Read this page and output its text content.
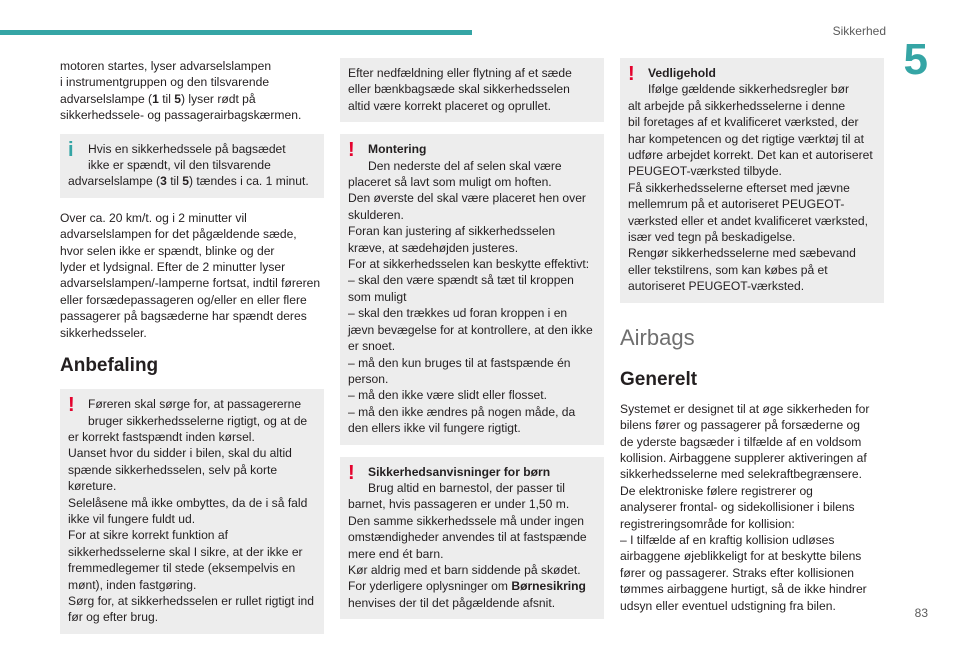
Sikkerhed
5
83

motoren startes, lyser advarselslampen
i instrumentgruppen og den tilsvarende
advarselslampe (1 til 5) lyser rødt på
sikkerhedssele- og passagerairbagskærmen.

i	Hvis en sikkerhedssele på bagsædet
ikke er spændt, vil den tilsvarende
advarselslampe (3 til 5) tændes i ca. 1 minut.

Over ca. 20 km/t. og i 2 minutter vil
advarselslampen for det pågældende sæde,
hvor selen ikke er spændt, blinke og der
lyder et lydsignal. Efter de 2 minutter lyser
advarselslampen/-lamperne fortsat, indtil føreren
eller forsædepassageren og/eller en eller flere
passagerer på bagsæderne har spændt deres
sikkerhedsseler.

Anbefaling
!	Føreren skal sørge for, at passagererne
bruger sikkerhedsselerne rigtigt, og at de
er korrekt fastspændt inden kørsel.
Uanset hvor du sidder i bilen, skal du altid
spænde sikkerhedsselen, selv på korte
køreture.
Selelåsene må ikke ombyttes, da de i så fald
ikke vil fungere fuldt ud.
For at sikre korrekt funktion af
sikkerhedsselerne skal I sikre, at der ikke er
fremmedlegemer til stede (eksempelvis en
mønt), inden fastgøring.
Sørg for, at sikkerhedsselen er rullet rigtigt ind
før og efter brug.
Efter nedfældning eller flytning af et sæde
eller bænkbagsæde skal sikkerhedsselen
altid være korrekt placeret og oprullet.
!	Montering
Den nederste del af selen skal være
placeret så lavt som muligt om hoften.
Den øverste del skal være placeret hen over
skulderen.
Foran kan justering af sikkerhedsselen
kræve, at sædehøjden justeres.
For at sikkerhedsselen kan beskytte effektivt:
– skal den være spændt så tæt til kroppen
som muligt
– skal den trækkes ud foran kroppen i en
jævn bevægelse for at kontrollere, at den ikke
er snoet.
– må den kun bruges til at fastspænde én
person.
– må den ikke være slidt eller flosset.
– må den ikke ændres på nogen måde, da
den ellers ikke vil fungere rigtigt.
!	Sikkerhedsanvisninger for børn
Brug altid en barnestol, der passer til
barnet, hvis passageren er under 1,50 m.
Den samme sikkerhedssele må under ingen
omstændigheder anvendes til at fastspænde
mere end ét barn.
Kør aldrig med et barn siddende på skødet.
For yderligere oplysninger om Børnesikring
henvises der til det pågældende afsnit.
!	Vedligehold
Ifølge gældende sikkerhedsregler bør
alt arbejde på sikkerhedsselerne i denne
bil foretages af et kvalificeret værksted, der
har kompetencen og det rigtige værktøj til at
udføre arbejdet korrekt. Det kan et autoriseret
PEUGEOT-værksted tilbyde.
Få sikkerhedsselerne efterset med jævne
mellemrum på et autoriseret PEUGEOT-
værksted eller et andet kvalificeret værksted,
især ved tegn på beskadigelse.
Rengør sikkerhedsselerne med sæbevand
eller tekstilrens, som kan købes på et
autoriseret PEUGEOT-værksted.
Airbags
Generelt

Systemet er designet til at øge sikkerheden for
bilens fører og passagerer på forsæderne og
de yderste bagsæder i tilfælde af en voldsom
kollision. Airbaggene supplerer aktiveringen af
sikkerhedsselerne med selekraftbegrænsere.
De elektroniske følere registrerer og
analyserer frontal- og sidekollisioner i bilens
registreringsområde for kollision:
– I tilfælde af en kraftig kollision udløses
airbaggene øjeblikkeligt for at beskytte bilens
fører og passagerer. Straks efter kollisionen
tømmes airbaggene hurtigt, så de ikke hindrer
udsyn eller eventuel udstigning fra bilen.
